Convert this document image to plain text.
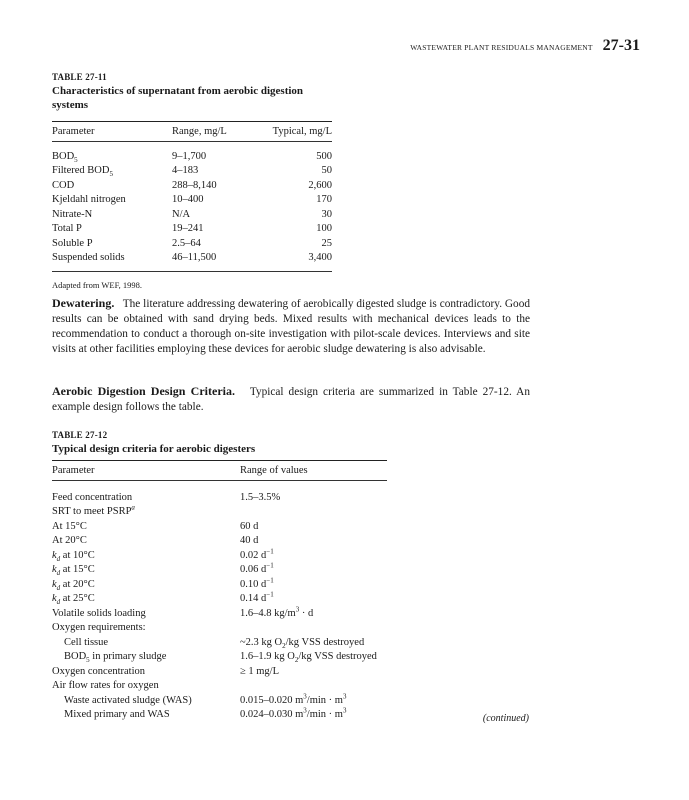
WASTEWATER PLANT RESIDUALS MANAGEMENT 27-31
TABLE 27-11
Characteristics of supernatant from aerobic digestion systems
Parameter	Range, mg/L	Typical, mg/L
$BOD_5$	9–1,700	500
Filtered $BOD_5$	4–183	50
COD	288–8,140	2,600
Kjeldahl nitrogen	10–400	170
Nitrate-N	N/A	30
Total P	19–241	100
Soluble P	2.5–64	25
Suspended solids	46–11,500	3,400
Adapted from WEF, 1998.

Dewatering. The literature addressing dewatering of aerobically digested sludge is contradictory. Good results can be obtained with sand drying beds. Mixed results with mechanical devices leads to the recommendation to conduct a thorough on-site investigation with pilot-scale devices. Interviews and site visits at other facilities employing these devices for aerobic sludge dewatering is also advisable.

Aerobic Digestion Design Criteria. Typical design criteria are summarized in Table 27-12. An example design follows the table.

TABLE 27-12
Typical design criteria for aerobic digesters
Parameter	Range of values
Feed concentration	1.5–3.5%
SRT to meet PSRP$^a$
At 15°C	60 d
At 20°C	40 d
$k_d$ at 10°C	0.02 $d^{-1}$
$k_d$ at 15°C	0.06 $d^{-1}$
$k_d$ at 20°C	0.10 $d^{-1}$
$k_d$ at 25°C	0.14 $d^{-1}$
Volatile solids loading	1.6–4.8 $kg/m^3 \cdot d$
Oxygen requirements:
Cell tissue	~2.3 kg $O_2/kg$ VSS destroyed
$BOD_5$ in primary sludge	1.6–1.9 kg $O_2/kg$ VSS destroyed
Oxygen concentration	≥ 1 mg/L
Air flow rates for oxygen
Waste activated sludge (WAS)	0.015–0.020 $m^3/\min \cdot m^3$
Mixed primary and WAS	0.024–0.030 $m^3/\min \cdot m^3$
(continued)
